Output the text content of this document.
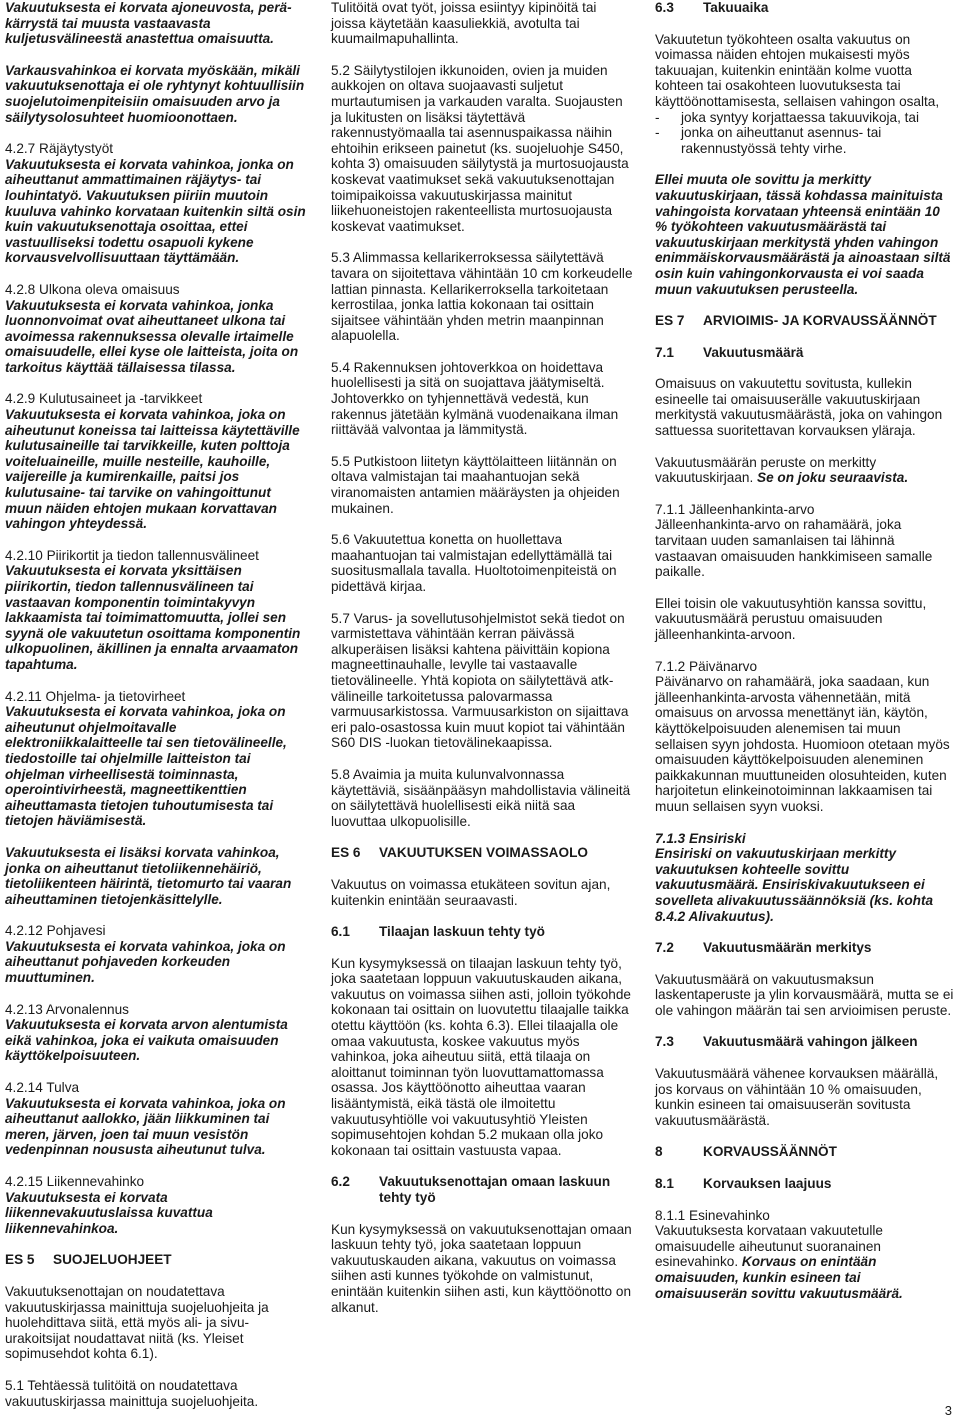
Vakuutuksesta ei korvata ajoneuvosta, perä-kärrystä tai muusta vastaavasta kuljetusvälineestä anastettua omaisuutta.
Varkausvahinkoa ei korvata myöskään, mikäli vakuutuksenottaja ei ole ryhtynyt kohtuullisiin suojelutoimenpiteisiin omaisuuden arvo ja säilytysolosuhteet huomioonottaen.
4.2.7 Räjäytystyöt
Vakuutuksesta ei korvata vahinkoa, jonka on aiheuttanut ammattimainen räjäytys- tai louhintatyö. Vakuutuksen piiriin muutoin kuuluva vahinko korvataan kuitenkin siltä osin kuin vakuutuksenottaja osoittaa, ettei vastuulliseksi todettu osapuoli kykene korvausvelvollisuuttaan täyttämään.
4.2.8 Ulkona oleva omaisuus
Vakuutuksesta ei korvata vahinkoa, jonka luonnonvoimat ovat aiheuttaneet ulkona tai avoimessa rakennuksessa olevalle irtaimelle omaisuudelle, ellei kyse ole laitteista, joita on tarkoitus käyttää tällaisessa tilassa.
4.2.9 Kulutusaineet ja -tarvikkeet
Vakuutuksesta ei korvata vahinkoa, joka on aiheutunut koneissa tai laitteissa käytettäville kulutusaineille tai tarvikkeille, kuten polttoja voiteluaineille, muille nesteille, kauhoille, vaijereille ja kumirenkaille, paitsi jos kulutusaine- tai tarvike on vahingoittunut muun näiden ehtojen mukaan korvattavan vahingon yhteydessä.
4.2.10 Piirikortit ja tiedon tallennusvälineet
Vakuutuksesta ei korvata yksittäisen piirikortin, tiedon tallennusvälineen tai vastaavan komponentin toimintakyvyn lakkaamista tai toimimattomuutta, jollei sen syynä ole vakuutetun osoittama komponentin ulkopuolinen, äkillinen ja ennalta arvaamaton tapahtuma.
4.2.11 Ohjelma- ja tietovirheet
Vakuutuksesta ei korvata vahinkoa, joka on aiheutunut ohjelmoitavalle elektroniikkalaitteelle tai sen tietovälineelle, tiedostoille tai ohjelmille laitteiston tai ohjelman virheellisestä toiminnasta, operointivirheestä, magneettikenttien aiheuttamasta tietojen tuhoutumisesta tai tietojen häviämisestä.
Vakuutuksesta ei lisäksi korvata vahinkoa, jonka on aiheuttanut tietoliikennehäiriö, tietoliikenteen häirintä, tietomurto tai vaaran aiheuttaminen tietojenkäsittelylle.
4.2.12 Pohjavesi
Vakuutuksesta ei korvata vahinkoa, joka on aiheuttanut pohjaveden korkeuden muuttuminen.
4.2.13 Arvonalennus
Vakuutuksesta ei korvata arvon alentumista eikä vahinkoa, joka ei vaikuta omaisuuden käyttökelpoisuuteen.
4.2.14 Tulva
Vakuutuksesta ei korvata vahinkoa, joka on aiheuttanut aallokko, jään liikkuminen tai meren, järven, joen tai muun vesistön vedenpinnan noususta aiheutunut tulva.
4.2.15 Liikennevahinko
Vakuutuksesta ei korvata liikennevakuutuslaissa kuvattua liikennevahinkoa.
ES 5	SUOJELUOHJEET
Vakuutuksenottajan on noudatettava vakuutuskirjassa mainittuja suojeluohjeita ja huolehdittava siitä, että myös ali- ja sivu-urakoitsijat noudattavat niitä (ks. Yleiset sopimusehdot kohta 6.1).
5.1 Tehtäessä tulitöitä on noudatettava vakuutuskirjassa mainittuja suojeluohjeita.
Tulitöitä ovat työt, joissa esiintyy kipinöitä tai joissa käytetään kaasuliekkiä, avotulta tai kuumailmapuhallinta.
5.2 Säilytystilojen ikkunoiden, ovien ja muiden aukkojen on oltava suojaavasti suljetut murtautumisen ja varkauden varalta. Suojausten ja lukitusten on lisäksi täytettävä rakennustyömaalla tai asennuspaikassa näihin ehtoihin erikseen painetut (ks. suojeluohje S450, kohta 3) omaisuuden säilytystä ja murtosuojausta koskevat vaatimukset sekä vakuutuksenottajan toimipaikoissa vakuutuskirjassa mainitut liikehuoneistojen rakenteellista murtosuojausta koskevat vaatimukset.
5.3 Alimmassa kellarikerroksessa säilytettävä tavara on sijoitettava vähintään 10 cm korkeudelle lattian pinnasta. Kellarikerroksella tarkoitetaan kerrostilaa, jonka lattia kokonaan tai osittain sijaitsee vähintään yhden metrin maanpinnan alapuolella.
5.4 Rakennuksen johtoverkkoa on hoidettava huolellisesti ja sitä on suojattava jäätymiseltä. Johtoverkko on tyhjennettävä vedestä, kun rakennus jätetään kylmänä vuodenaikana ilman riittävää valvontaa ja lämmitystä.
5.5 Putkistoon liitetyn käyttölaitteen liitännän on oltava valmistajan tai maahantuojan sekä viranomaisten antamien määräysten ja ohjeiden mukainen.
5.6 Vakuutettua konetta on huollettava maahantuojan tai valmistajan edellyttämällä tai suositusmallala tavalla. Huoltotoimenpiteistä on pidettävä kirjaa.
5.7 Varus- ja sovellutusohjelmistot sekä tiedot on varmistettava vähintään kerran päivässä alkuperäisen lisäksi kahtena päivittäin kopiona magneettinauhalle, levylle tai vastaavalle tietovälineelle. Yhtä kopiota on säilytettävä atk-välineille tarkoitetussa palovarmassa varmuusarkistossa. Varmuusarkiston on sijaittava eri palo-osastossa kuin muut kopiot tai vähintään S60 DIS -luokan tietovälinekaapissa.
5.8 Avaimia ja muita kulunvalvonnassa käytettäviä, sisäänpääsyn mahdollistavia välineitä on säilytettävä huolellisesti eikä niitä saa luovuttaa ulkopuolisille.
ES 6	VAKUUTUKSEN VOIMASSAOLO
Vakuutus on voimassa etukäteen sovitun ajan, kuitenkin enintään seuraavasti.
6.1	Tilaajan laskuun tehty työ
Kun kysymyksessä on tilaajan laskuun tehty työ, joka saatetaan loppuun vakuutuskauden aikana, vakuutus on voimassa siihen asti, jolloin työkohde kokonaan tai osittain on luovutettu tilaajalle taikka otettu käyttöön (ks. kohta 6.3). Ellei tilaajalla ole omaa vakuutusta, koskee vakuutus myös vahinkoa, joka aiheutuu siitä, että tilaaja on aloittanut toiminnan työn luovuttamattomassa osassa. Jos käyttöönotto aiheuttaa vaaran lisääntymistä, eikä tästä ole ilmoitettu vakuutusyhtiölle voi vakuutusyhtiö Yleisten sopimusehtojen kohdan 5.2 mukaan olla joko kokonaan tai osittain vastuusta vapaa.
6.2	Vakuutuksenottajan omaan laskuun tehty työ
Kun kysymyksessä on vakuutuksenottajan omaan laskuun tehty työ, joka saatetaan loppuun vakuutuskauden aikana, vakuutus on voimassa siihen asti kunnes työkohde on valmistunut, enintään kuitenkin siihen asti, kun käyttöönotto on alkanut.
6.3	Takuuaika
Vakuutetun työkohteen osalta vakuutus on voimassa näiden ehtojen mukaisesti myös takuuajan, kuitenkin enintään kolme vuotta kohteen tai osakohteen luovutuksesta tai käyttöönottamisesta, sellaisen vahingon osalta,
-	joka syntyy korjattaessa takuuvikoja, tai
-	jonka on aiheuttanut asennus- tai rakennustyössä tehty virhe.
Ellei muuta ole sovittu ja merkitty vakuutuskirjaan, tässä kohdassa mainituista vahingoista korvataan yhteensä enintään 10 % työkohteen vakuutusmäärästä tai vakuutuskirjaan merkitystä yhden vahingon enimmäiskorvausmäärästä ja ainoastaan siltä osin kuin vahingonkorvausta ei voi saada muun vakuutuksen perusteella.
ES 7	ARVIOIMIS- JA KORVAUSSÄÄNNÖT
7.1	Vakuutusmäärä
Omaisuus on vakuutettu sovitusta, kullekin esineelle tai omaisuuserälle vakuutuskirjaan merkitystä vakuutusmäärästä, joka on vahingon sattuessa suoritettavan korvauksen yläraja.
Vakuutusmäärän peruste on merkitty vakuutuskirjaan. Se on joku seuraavista.
7.1.1 Jälleenhankinta-arvo
Jälleenhankinta-arvo on rahamäärä, joka tarvitaan uuden samanlaisen tai lähinnä vastaavan omaisuuden hankkimiseen samalle paikalle.
Ellei toisin ole vakuutusyhtiön kanssa sovittu, vakuutusmäärä perustuu omaisuuden jälleenhankinta-arvoon.
7.1.2 Päivänarvo
Päivänarvo on rahamäärä, joka saadaan, kun jälleenhankinta-arvosta vähennetään, mitä omaisuus on arvossa menettänyt iän, käytön, käyttökelpoisuuden alenemisen tai muun sellaisen syyn johdosta. Huomioon otetaan myös omaisuuden käyttökelpoisuuden aleneminen paikkakunnan muuttuneiden olosuhteiden, kuten harjoitetun elinkeinotoiminnan lakkaamisen tai muun sellaisen syyn vuoksi.
7.1.3 Ensiriski
Ensiriski on vakuutuskirjaan merkitty vakuutuksen kohteelle sovittu vakuutusmäärä. Ensiriskivakuutukseen ei sovelleta alivakuutussäännöksiä (ks. kohta 8.4.2 Alivakuutus).
7.2	Vakuutusmäärän merkitys
Vakuutusmäärä on vakuutusmaksun laskentaperuste ja ylin korvausmäärä, mutta se ei ole vahingon määrän tai sen arvioimisen peruste.
7.3	Vakuutusmäärä vahingon jälkeen
Vakuutusmäärä vähenee korvauksen määrällä, jos korvaus on vähintään 10 % omaisuuden, kunkin esineen tai omaisuuserän sovitusta vakuutusmäärästä.
8	KORVAUSSÄÄNNÖT
8.1	Korvauksen laajuus
8.1.1 Esinevahinko
Vakuutuksesta korvataan vakuutetulle omaisuudelle aiheutunut suoranainen esinevahinko. Korvaus on enintään omaisuuden, kunkin esineen tai omaisuuserän sovittu vakuutusmäärä.
3
